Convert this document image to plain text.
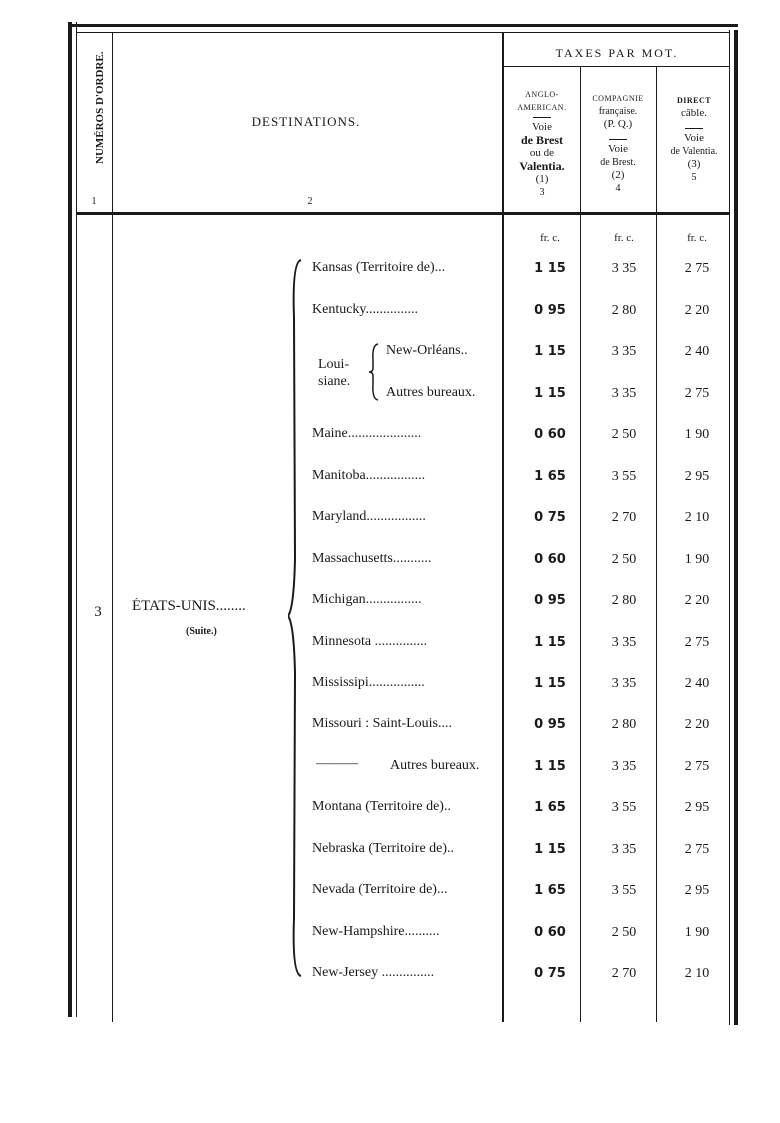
NUMÉROS D'ORDRE.
1
DESTINATIONS.
2
TAXES PAR MOT.
ANGLO-
AMERICAN.
Voie
de Brest
ou de
Valentia.
(1)
3
COMPAGNIE
française.
(P. Q.)
Voie
de Brest.
(2)
4
DIRECT
câble.
Voie
de Valentia.
(3)
5
fr. c.	fr. c.	fr. c.
3	ÉTATS-UNIS........
(Suite.)
Loui-
siane.
———
Kansas (Territoire de)...	1 15	3 35	2 75
Kentucky...............	0 95	2 80	2 20
New-Orléans..	1 15	3 35	2 40
Autres bureaux.	1 15	3 35	2 75
Maine.....................	0 60	2 50	1 90
Manitoba.................	1 65	3 55	2 95
Maryland.................	0 75	2 70	2 10
Massachusetts...........	0 60	2 50	1 90
Michigan................	0 95	2 80	2 20
Minnesota ...............	1 15	3 35	2 75
Mississipi................	1 15	3 35	2 40
Missouri : Saint-Louis....	0 95	2 80	2 20
Autres bureaux.	1 15	3 35	2 75
Montana (Territoire de)..	1 65	3 55	2 95
Nebraska (Territoire de)..	1 15	3 35	2 75
Nevada (Territoire de)...	1 65	3 55	2 95
New-Hampshire..........	0 60	2 50	1 90
New-Jersey ...............	0 75	2 70	2 10
